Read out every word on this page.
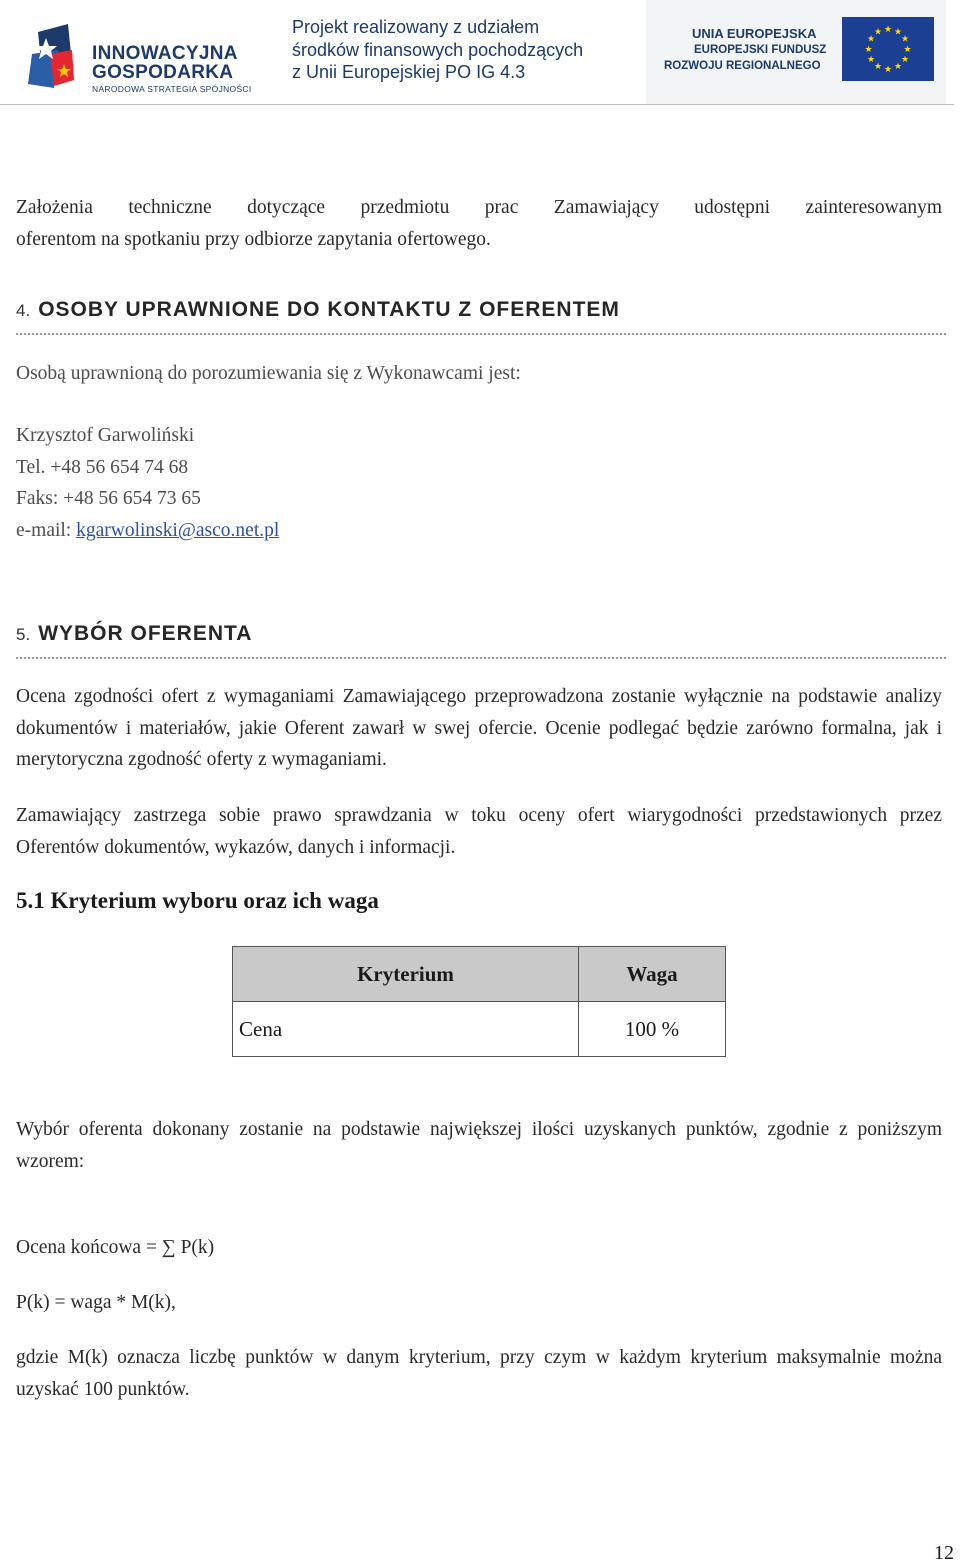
INNOWACYJNA
GOSPODARKA
NARODOWA STRATEGIA SPÓJNOŚCI
Projekt realizowany z udziałem
środków finansowych pochodzących
z Unii Europejskiej PO IG 4.3
UNIA EUROPEJSKA
EUROPEJSKI FUNDUSZ
ROZWOJU REGIONALNEGO
★ ★
★
★
★
★
★
★
★
★
★
★
Założenia techniczne dotyczące przedmiotu prac Zamawiający udostępni zainteresowanym
oferentom na spotkaniu przy odbiorze zapytania ofertowego.
4. OSOBY UPRAWNIONE DO KONTAKTU Z OFERENTEM
Osobą uprawnioną do porozumiewania się z Wykonawcami jest:
Krzysztof Garwoliński
Tel. +48 56 654 74 68
Faks: +48 56 654 73 65
e-mail: kgarwolinski@asco.net.pl
5. WYBÓR OFERENTA
Ocena zgodności ofert z wymaganiami Zamawiającego przeprowadzona zostanie wyłącznie na podstawie analizy dokumentów i materiałów, jakie Oferent zawarł w swej ofercie. Ocenie podlegać będzie zarówno formalna, jak i merytoryczna zgodność oferty z wymaganiami.
Zamawiający zastrzega sobie prawo sprawdzania w toku oceny ofert wiarygodności przedstawionych przez Oferentów dokumentów, wykazów, danych i informacji.
5.1 Kryterium wyboru oraz ich waga
Kryterium	Waga
Cena	100 %
Wybór oferenta dokonany zostanie na podstawie największej ilości uzyskanych punktów, zgodnie z poniższym wzorem:
Ocena końcowa = ∑ P(k)
P(k) = waga * M(k),
gdzie M(k) oznacza liczbę punktów w danym kryterium, przy czym w każdym kryterium maksymalnie można uzyskać 100 punktów.
12
